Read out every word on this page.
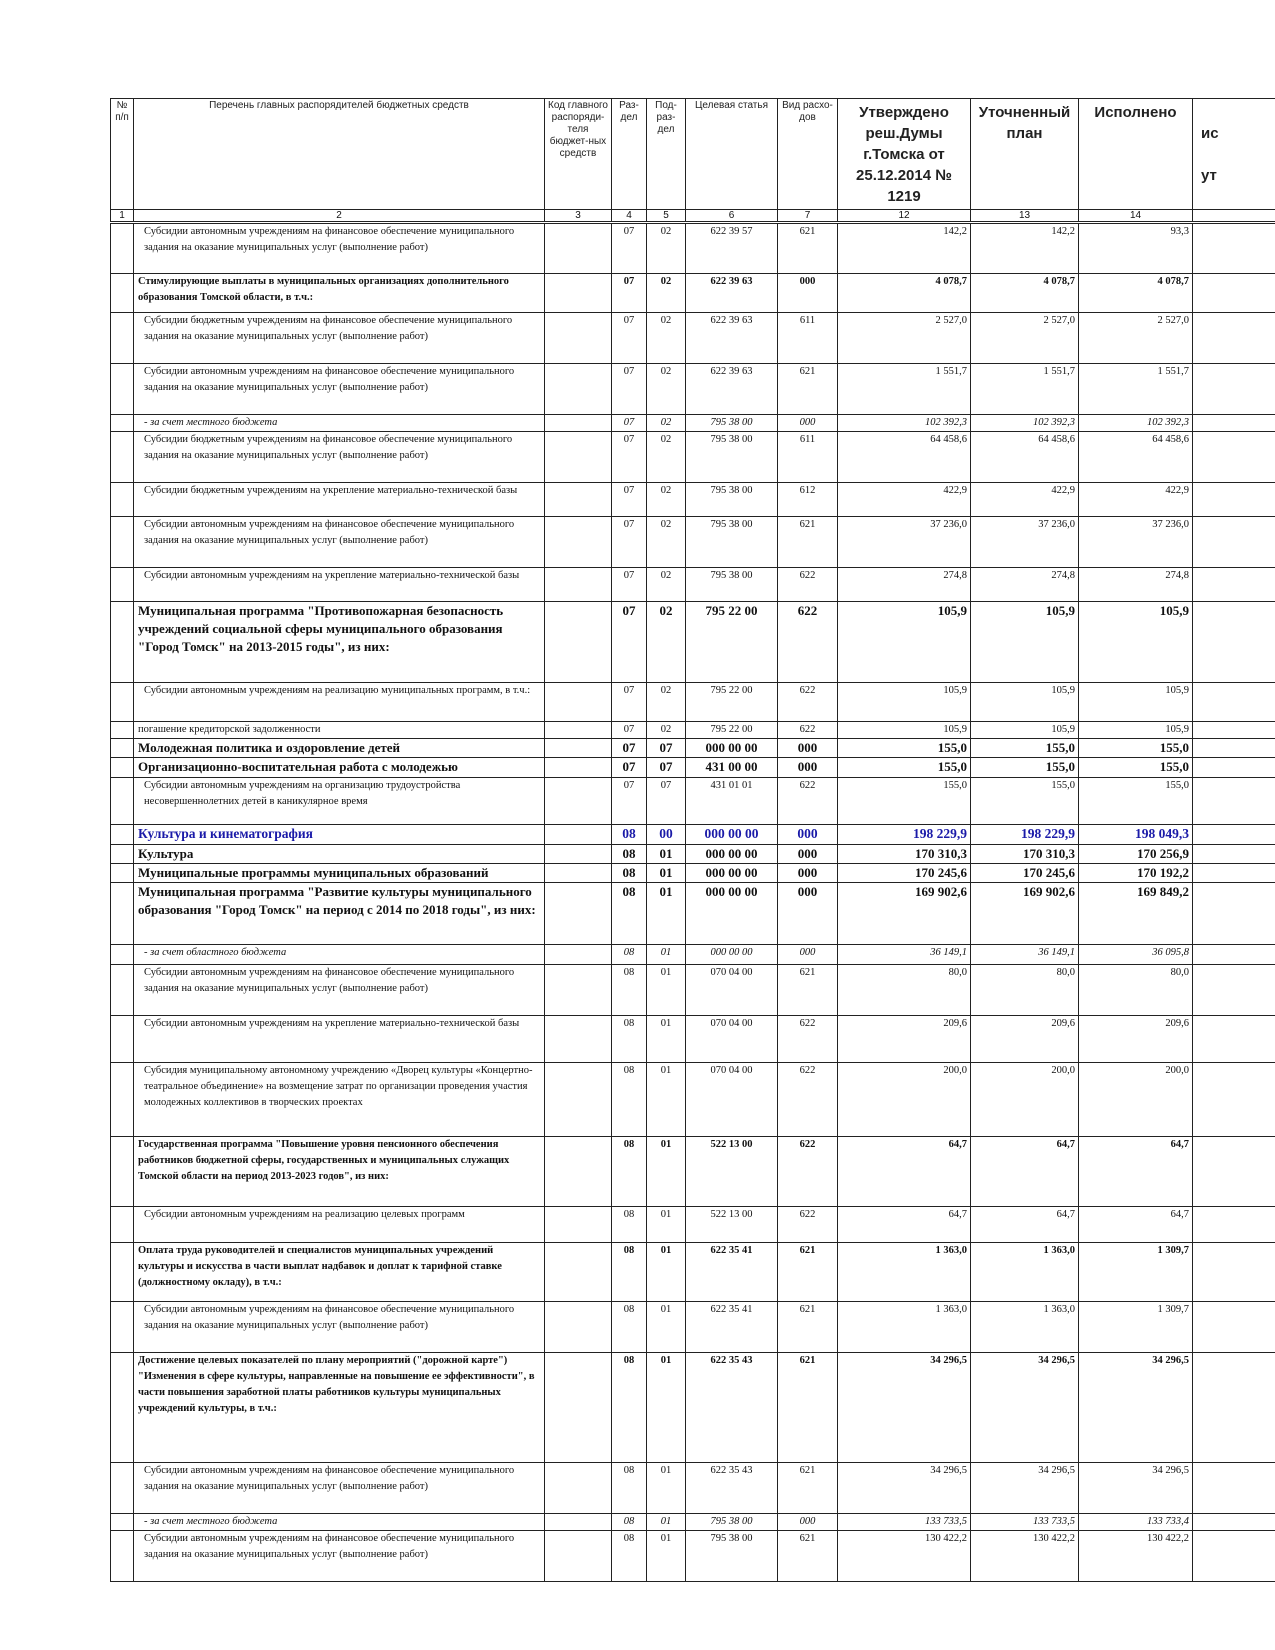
№ п/п	Перечень главных распорядителей бюджетных средств	Код главного распоряди-теля бюджет-ных средств	Раз-дел	Под-раз-дел	Целевая статья	Вид расхо-дов	Утверждено реш.Думы г.Томска от 25.12.2014 № 1219	Уточненный план	Исполнено	ис
ут

1	2	3	4	5	6	7	12	13	14	
	Субсидии автономным учреждениям на финансовое обеспечение муниципального задания на оказание муниципальных услуг (выполнение работ)		07	02	622 39 57	621	142,2	142,2	93,3	
	Стимулирующие выплаты в муниципальных организациях дополнительного образования Томской области, в т.ч.:		07	02	622 39 63	000	4 078,7	4 078,7	4 078,7	
	Субсидии бюджетным учреждениям на финансовое обеспечение муниципального задания на оказание муниципальных услуг (выполнение работ)		07	02	622 39 63	611	2 527,0	2 527,0	2 527,0	
	Субсидии автономным учреждениям на финансовое обеспечение муниципального задания на оказание муниципальных услуг (выполнение работ)		07	02	622 39 63	621	1 551,7	1 551,7	1 551,7	
	- за счет местного бюджета		07	02	795 38 00	000	102 392,3	102 392,3	102 392,3	
	Субсидии бюджетным учреждениям на финансовое обеспечение муниципального задания на оказание муниципальных услуг (выполнение работ)		07	02	795 38 00	611	64 458,6	64 458,6	64 458,6	
	Субсидии бюджетным учреждениям на укрепление материально-технической базы		07	02	795 38 00	612	422,9	422,9	422,9	
	Субсидии автономным учреждениям на финансовое обеспечение муниципального задания на оказание муниципальных услуг (выполнение работ)		07	02	795 38 00	621	37 236,0	37 236,0	37 236,0	
	Субсидии автономным учреждениям на укрепление материально-технической базы		07	02	795 38 00	622	274,8	274,8	274,8	
	Муниципальная программа "Противопожарная безопасность учреждений социальной сферы муниципального образования "Город Томск" на 2013-2015 годы", из них:		07	02	795 22 00	622	105,9	105,9	105,9	
	Субсидии автономным учреждениям на реализацию муниципальных программ, в т.ч.:		07	02	795 22 00	622	105,9	105,9	105,9	
	погашение кредиторской задолженности		07	02	795 22 00	622	105,9	105,9	105,9	
	Молодежная политика и оздоровление детей		07	07	000 00 00	000	155,0	155,0	155,0	
	Организационно-воспитательная работа с молодежью		07	07	431 00 00	000	155,0	155,0	155,0	
	Субсидии автономным учреждениям на организацию трудоустройства несовершеннолетних детей в каникулярное время		07	07	431 01 01	622	155,0	155,0	155,0	
	Культура и кинематография		08	00	000 00 00	000	198 229,9	198 229,9	198 049,3	
	Культура		08	01	000 00 00	000	170 310,3	170 310,3	170 256,9	
	Муниципальные программы муниципальных образований		08	01	000 00 00	000	170 245,6	170 245,6	170 192,2	
	Муниципальная программа "Развитие культуры муниципального образования "Город Томск" на период с 2014 по 2018 годы", из них:		08	01	000 00 00	000	169 902,6	169 902,6	169 849,2	
	- за счет областного бюджета		08	01	000 00 00	000	36 149,1	36 149,1	36 095,8	
	Субсидии автономным учреждениям на финансовое обеспечение муниципального задания на оказание муниципальных услуг (выполнение работ)		08	01	070 04 00	621	80,0	80,0	80,0	
	Субсидии автономным учреждениям на укрепление материально-технической базы		08	01	070 04 00	622	209,6	209,6	209,6	
	Субсидия муниципальному автономному учреждению «Дворец культуры «Концертно-театральное объединение» на возмещение затрат по организации проведения участия молодежных коллективов в творческих проектах		08	01	070 04 00	622	200,0	200,0	200,0	
	Государственная программа "Повышение уровня пенсионного обеспечения работников бюджетной сферы, государственных и муниципальных служащих Томской области на период 2013-2023 годов", из них:		08	01	522 13 00	622	64,7	64,7	64,7	
	Субсидии автономным учреждениям на реализацию целевых программ		08	01	522 13 00	622	64,7	64,7	64,7	
	Оплата труда руководителей и специалистов муниципальных учреждений культуры и искусства в части выплат надбавок и доплат к тарифной ставке (должностному окладу), в т.ч.:		08	01	622 35 41	621	1 363,0	1 363,0	1 309,7	
	Субсидии автономным учреждениям на финансовое обеспечение муниципального задания на оказание муниципальных услуг (выполнение работ)		08	01	622 35 41	621	1 363,0	1 363,0	1 309,7	
	Достижение целевых показателей по плану мероприятий ("дорожной карте") "Изменения в сфере культуры, направленные на повышение ее эффективности", в части повышения заработной платы работников культуры муниципальных учреждений культуры, в т.ч.:		08	01	622 35 43	621	34 296,5	34 296,5	34 296,5	
	Субсидии автономным учреждениям на финансовое обеспечение муниципального задания на оказание муниципальных услуг (выполнение работ)		08	01	622 35 43	621	34 296,5	34 296,5	34 296,5	
	- за счет местного бюджета		08	01	795 38 00	000	133 733,5	133 733,5	133 733,4	
	Субсидии автономным учреждениям на финансовое обеспечение муниципального задания на оказание муниципальных услуг (выполнение работ)		08	01	795 38 00	621	130 422,2	130 422,2	130 422,2	
